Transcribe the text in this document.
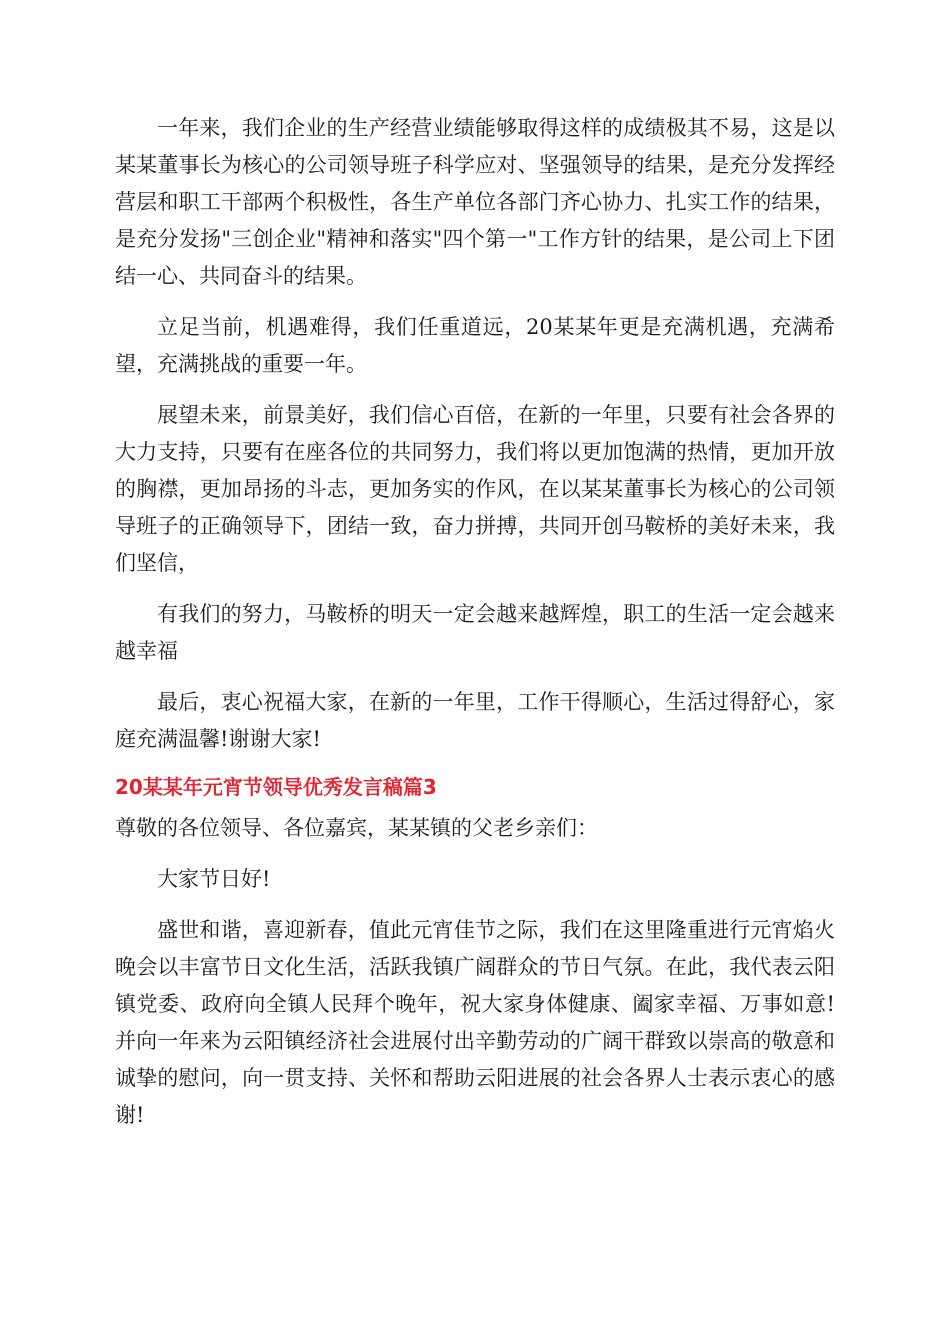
一年来，我们企业的生产经营业绩能够取得这样的成绩极其不易，这是以某某董事长为核心的公司领导班子科学应对、坚强领导的结果，是充分发挥经营层和职工干部两个积极性，各生产单位各部门齐心协力、扎实工作的结果，是充分发扬"三创企业"精神和落实"四个第一"工作方针的结果，是公司上下团结一心、共同奋斗的结果。

立足当前，机遇难得，我们任重道远，20某某年更是充满机遇，充满希望，充满挑战的重要一年。

展望未来，前景美好，我们信心百倍，在新的一年里，只要有社会各界的大力支持，只要有在座各位的共同努力，我们将以更加饱满的热情，更加开放的胸襟，更加昂扬的斗志，更加务实的作风，在以某某董事长为核心的公司领导班子的正确领导下，团结一致，奋力拼搏，共同开创马鞍桥的美好未来，我们坚信，

有我们的努力，马鞍桥的明天一定会越来越辉煌，职工的生活一定会越来越幸福

最后，衷心祝福大家，在新的一年里，工作干得顺心，生活过得舒心，家庭充满温馨!谢谢大家!

20某某年元宵节领导优秀发言稿篇3

尊敬的各位领导、各位嘉宾，某某镇的父老乡亲们：

大家节日好!

盛世和谐，喜迎新春，值此元宵佳节之际，我们在这里隆重进行元宵焰火晚会以丰富节日文化生活，活跃我镇广阔群众的节日气氛。在此，我代表云阳镇党委、政府向全镇人民拜个晚年，祝大家身体健康、阖家幸福、万事如意!并向一年来为云阳镇经济社会进展付出辛勤劳动的广阔干群致以崇高的敬意和诚挚的慰问，向一贯支持、关怀和帮助云阳进展的社会各界人士表示衷心的感谢!
